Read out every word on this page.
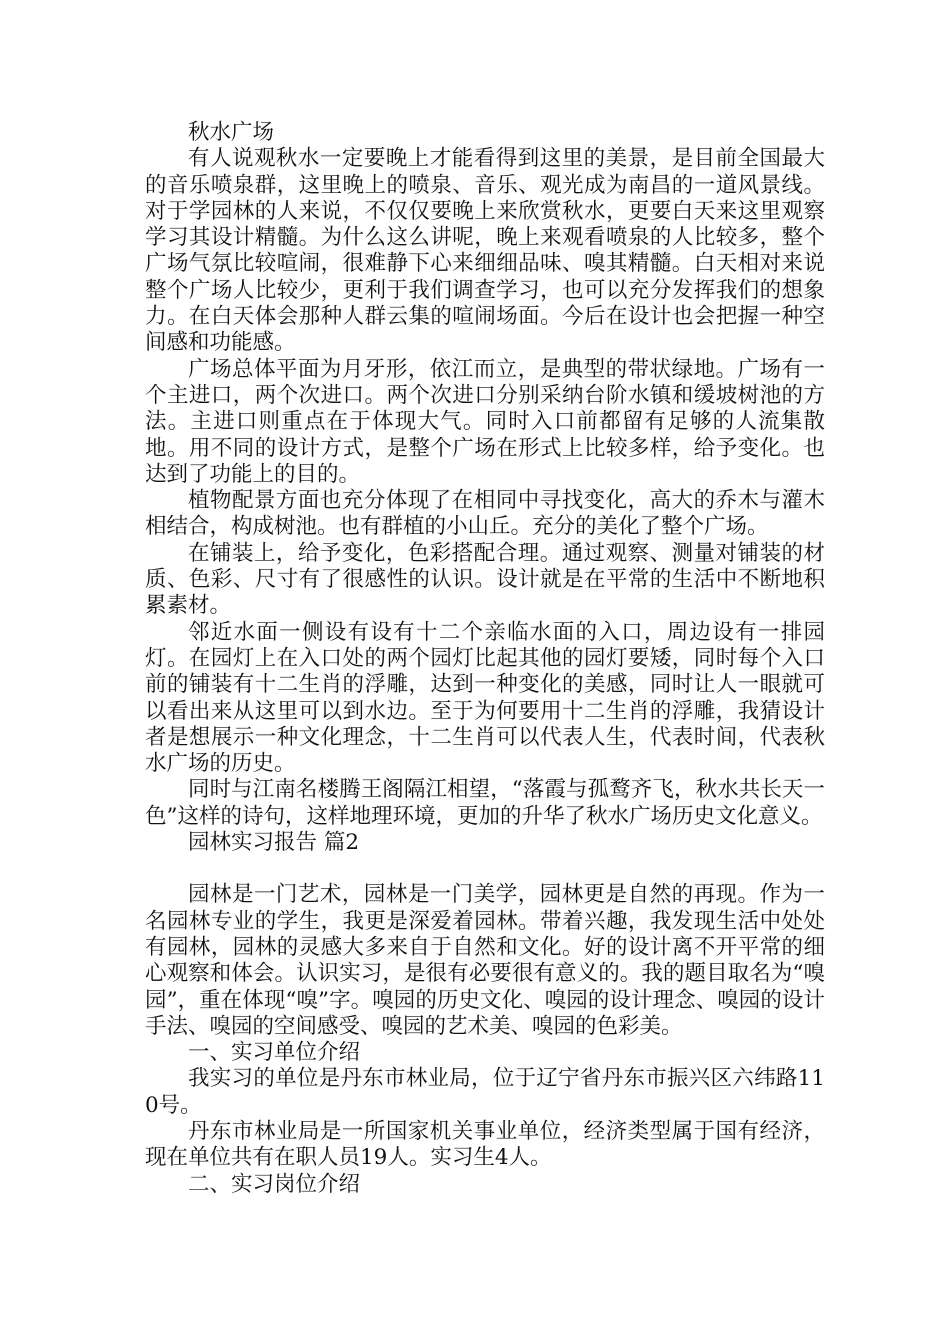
秋水广场

有人说观秋水一定要晚上才能看得到这里的美景，是目前全国最大的音乐喷泉群，这里晚上的喷泉、音乐、观光成为南昌的一道风景线。对于学园林的人来说，不仅仅要晚上来欣赏秋水，更要白天来这里观察学习其设计精髓。为什么这么讲呢，晚上来观看喷泉的人比较多，整个广场气氛比较喧闹，很难静下心来细细品味、嗅其精髓。白天相对来说整个广场人比较少，更利于我们调查学习，也可以充分发挥我们的想象力。在白天体会那种人群云集的喧闹场面。今后在设计也会把握一种空间感和功能感。

广场总体平面为月牙形，依江而立，是典型的带状绿地。广场有一个主进口，两个次进口。两个次进口分别采纳台阶水镇和缓坡树池的方法。主进口则重点在于体现大气。同时入口前都留有足够的人流集散地。用不同的设计方式，是整个广场在形式上比较多样，给予变化。也达到了功能上的目的。

植物配景方面也充分体现了在相同中寻找变化，高大的乔木与灌木相结合，构成树池。也有群植的小山丘。充分的美化了整个广场。

在铺装上，给予变化，色彩搭配合理。通过观察、测量对铺装的材质、色彩、尺寸有了很感性的认识。设计就是在平常的生活中不断地积累素材。

邻近水面一侧设有设有十二个亲临水面的入口，周边设有一排园灯。在园灯上在入口处的两个园灯比起其他的园灯要矮，同时每个入口前的铺装有十二生肖的浮雕，达到一种变化的美感，同时让人一眼就可以看出来从这里可以到水边。至于为何要用十二生肖的浮雕，我猜设计者是想展示一种文化理念，十二生肖可以代表人生，代表时间，代表秋水广场的历史。

同时与江南名楼腾王阁隔江相望，“落霞与孤鹜齐飞，秋水共长天一色”这样的诗句，这样地理环境，更加的升华了秋水广场历史文化意义。

园林实习报告 篇2

园林是一门艺术，园林是一门美学，园林更是自然的再现。作为一名园林专业的学生，我更是深爱着园林。带着兴趣，我发现生活中处处有园林，园林的灵感大多来自于自然和文化。好的设计离不开平常的细心观察和体会。认识实习，是很有必要很有意义的。我的题目取名为“嗅园”，重在体现“嗅”字。嗅园的历史文化、嗅园的设计理念、嗅园的设计手法、嗅园的空间感受、嗅园的艺术美、嗅园的色彩美。

一、实习单位介绍

我实习的单位是丹东市林业局，位于辽宁省丹东市振兴区六纬路110号。

丹东市林业局是一所国家机关事业单位，经济类型属于国有经济，现在单位共有在职人员19人。实习生4人。

二、实习岗位介绍
